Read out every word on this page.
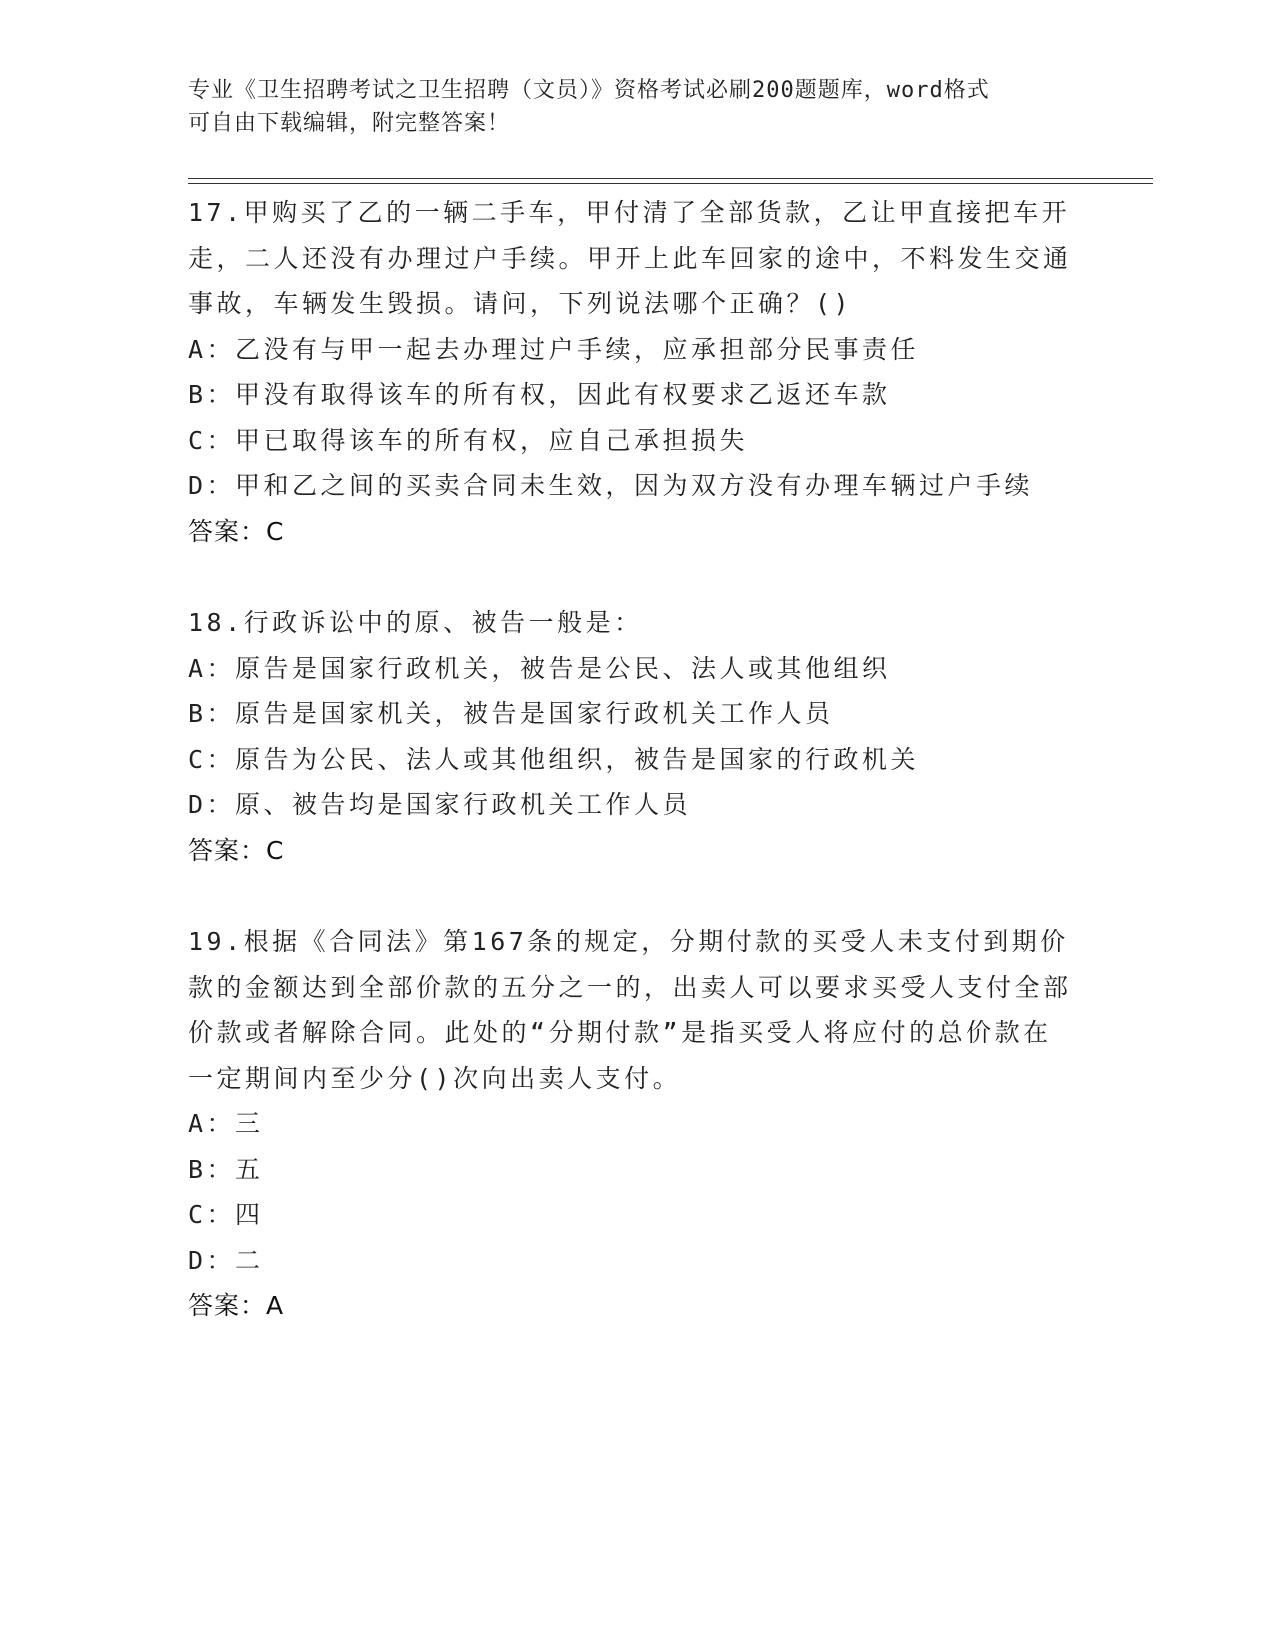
专业《卫生招聘考试之卫生招聘（文员）》资格考试必刷200题题库，word格式
可自由下载编辑，附完整答案！
17.甲购买了乙的一辆二手车，甲付清了全部货款，乙让甲直接把车开走，二人还没有办理过户手续。甲开上此车回家的途中，不料发生交通事故，车辆发生毁损。请问，下列说法哪个正确？()
A：乙没有与甲一起去办理过户手续，应承担部分民事责任
B：甲没有取得该车的所有权，因此有权要求乙返还车款
C：甲已取得该车的所有权，应自己承担损失
D：甲和乙之间的买卖合同未生效，因为双方没有办理车辆过户手续
答案：C
18.行政诉讼中的原、被告一般是：
A：原告是国家行政机关，被告是公民、法人或其他组织
B：原告是国家机关，被告是国家行政机关工作人员
C：原告为公民、法人或其他组织，被告是国家的行政机关
D：原、被告均是国家行政机关工作人员
答案：C
19.根据《合同法》第167条的规定，分期付款的买受人未支付到期价款的金额达到全部价款的五分之一的，出卖人可以要求买受人支付全部价款或者解除合同。此处的“分期付款”是指买受人将应付的总价款在一定期间内至少分()次向出卖人支付。
A：三
B：五
C：四
D：二
答案：A
